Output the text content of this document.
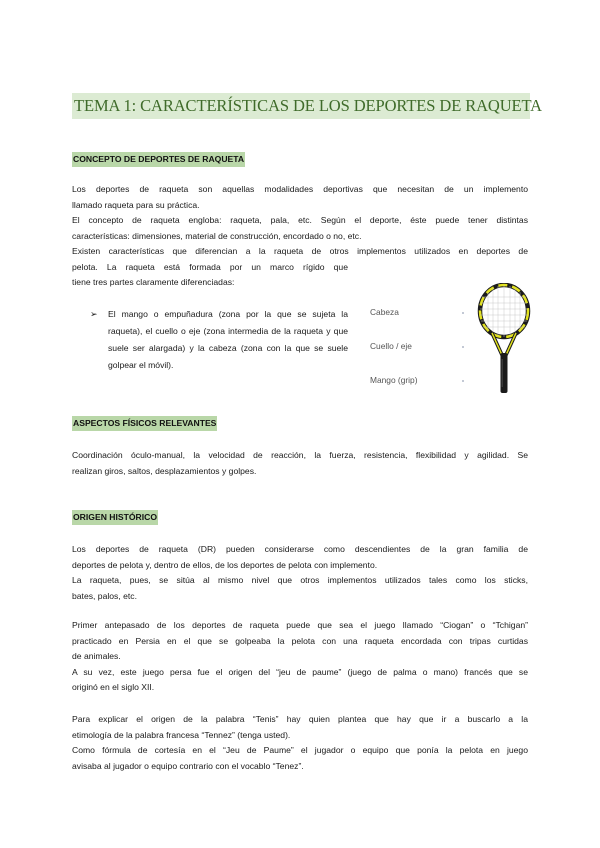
TEMA 1: CARACTERÍSTICAS DE LOS DEPORTES DE RAQUETA
CONCEPTO DE DEPORTES DE RAQUETA
Los deportes de raqueta son aquellas modalidades deportivas que necesitan de un implemento
llamado raqueta para su práctica.
El concepto de raqueta engloba: raqueta, pala, etc. Según el deporte, éste puede tener distintas
características: dimensiones, material de construcción, encordado o no, etc.
Existen características que diferencian a la raqueta de otros implementos utilizados en deportes de
pelota. La raqueta está formada por un marco rígido que
tiene tres partes claramente diferenciadas:
➢ El mango o empuñadura (zona por la que se sujeta la raqueta), el cuello o eje (zona intermedia de la raqueta y que suele ser alargada) y la cabeza (zona con la que se suele golpear el móvil).

Cabeza
Cuello / eje
Mango (grip)
ASPECTOS FÍSICOS RELEVANTES
Coordinación óculo-manual, la velocidad de reacción, la fuerza, resistencia, flexibilidad y agilidad. Se
realizan giros, saltos, desplazamientos y golpes.
ORIGEN HISTÓRICO
Los deportes de raqueta (DR) pueden considerarse como descendientes de la gran familia de
deportes de pelota y, dentro de ellos, de los deportes de pelota con implemento.
La raqueta, pues, se sitúa al mismo nivel que otros implementos utilizados tales como los sticks,
bates, palos, etc.
Primer antepasado de los deportes de raqueta puede que sea el juego llamado “Ciogan” o “Tchigan”
practicado en Persia en el que se golpeaba la pelota con una raqueta encordada con tripas curtidas
de animales.
A su vez, este juego persa fue el origen del “jeu de paume” (juego de palma o mano) francés que se
originó en el siglo XII.
Para explicar el origen de la palabra “Tenis” hay quien plantea que hay que ir a buscarlo a la
etimología de la palabra francesa “Tennez” (tenga usted).
Como fórmula de cortesía en el “Jeu de Paume” el jugador o equipo que ponía la pelota en juego
avisaba al jugador o equipo contrario con el vocablo “Tenez”.
